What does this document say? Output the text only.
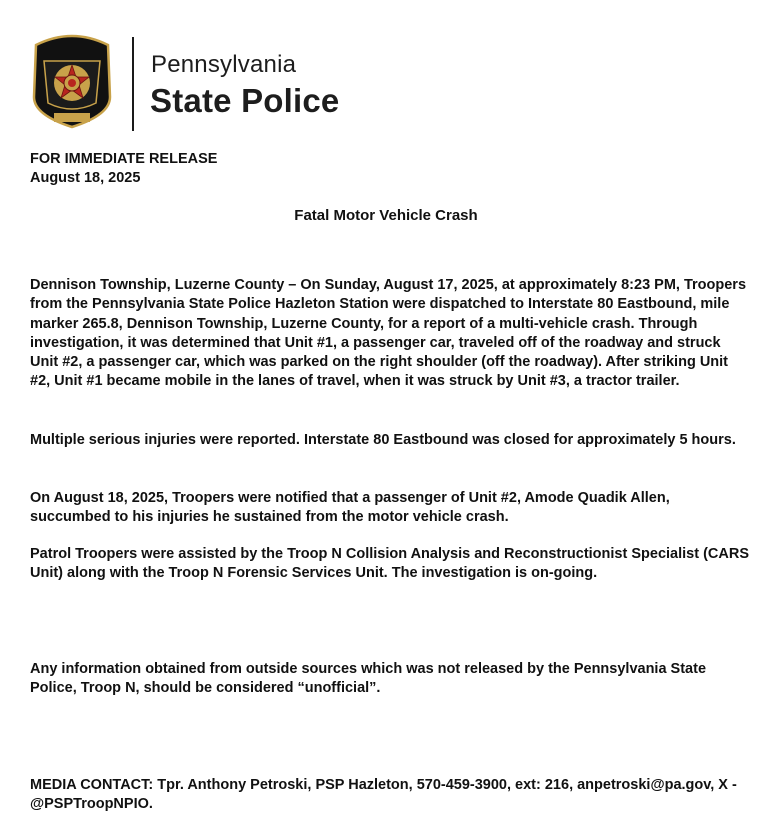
Pennsylvania
State Police
FOR IMMEDIATE RELEASE
August 18, 2025
Fatal Motor Vehicle Crash

Dennison Township, Luzerne County – On Sunday, August 17, 2025, at approximately 8:23 PM, Troopers from the Pennsylvania State Police Hazleton Station were dispatched to Interstate 80 Eastbound, mile marker 265.8, Dennison Township, Luzerne County, for a report of a multi-vehicle crash. Through investigation, it was determined that Unit #1, a passenger car, traveled off of the roadway and struck Unit #2, a passenger car, which was parked on the right shoulder (off the roadway). After striking Unit #2, Unit #1 became mobile in the lanes of travel, when it was struck by Unit #3, a tractor trailer.

Multiple serious injuries were reported. Interstate 80 Eastbound was closed for approximately 5 hours.

On August 18, 2025, Troopers were notified that a passenger of Unit #2, Amode Quadik Allen, succumbed to his injuries he sustained from the motor vehicle crash.

Patrol Troopers were assisted by the Troop N Collision Analysis and Reconstructionist Specialist (CARS Unit) along with the Troop N Forensic Services Unit. The investigation is on-going.

Any information obtained from outside sources which was not released by the Pennsylvania State Police, Troop N, should be considered “unofficial”.

MEDIA CONTACT: Tpr. Anthony Petroski, PSP Hazleton, 570-459-3900, ext: 216, anpetroski@pa.gov, X - @PSPTroopNPIO.
